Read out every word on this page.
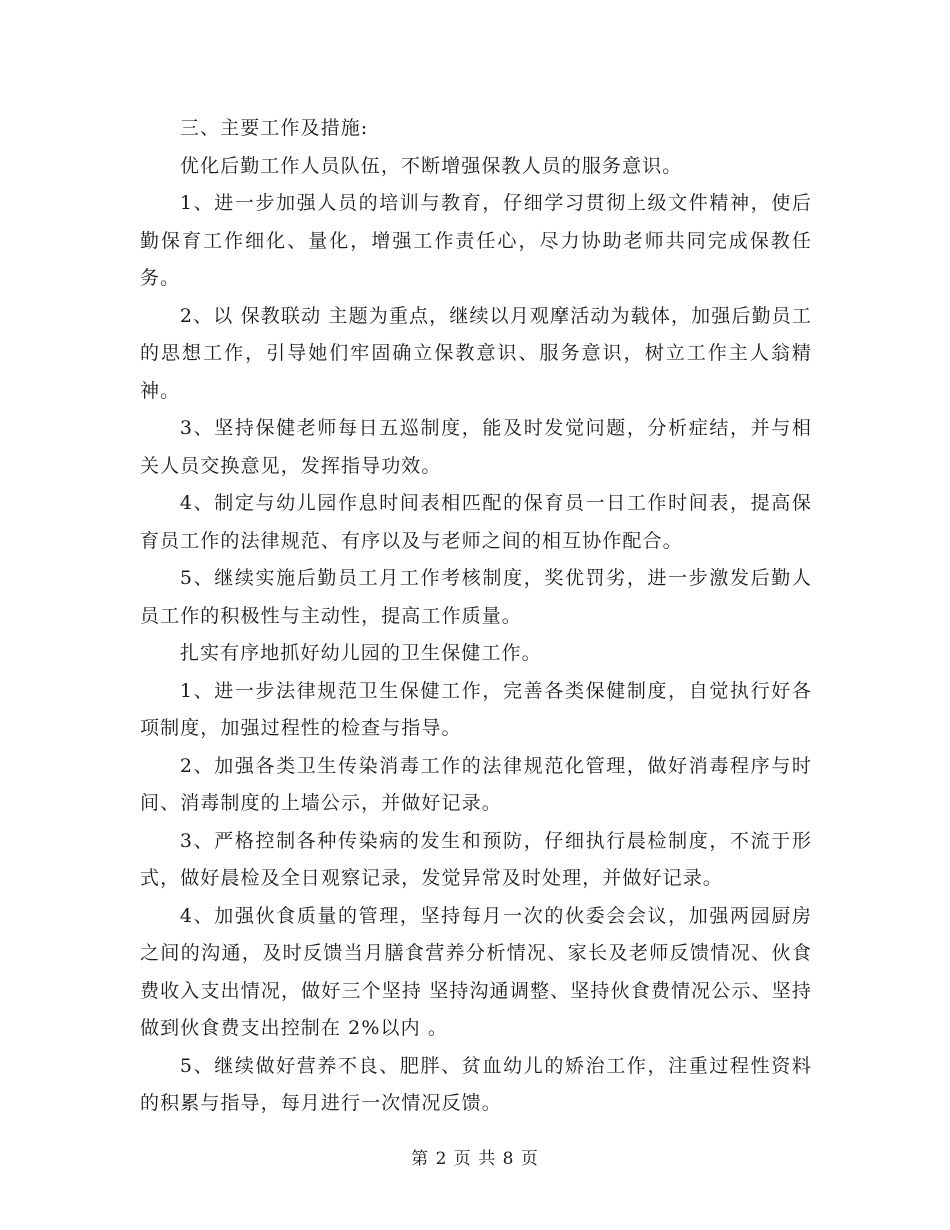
三、主要工作及措施:

优化后勤工作人员队伍，不断增强保教人员的服务意识。

1、进一步加强人员的培训与教育，仔细学习贯彻上级文件精神，使后勤保育工作细化、量化，增强工作责任心，尽力协助老师共同完成保教任务。

2、以 保教联动 主题为重点，继续以月观摩活动为载体，加强后勤员工的思想工作，引导她们牢固确立保教意识、服务意识，树立工作主人翁精神。

3、坚持保健老师每日五巡制度，能及时发觉问题，分析症结，并与相关人员交换意见，发挥指导功效。

4、制定与幼儿园作息时间表相匹配的保育员一日工作时间表，提高保育员工作的法律规范、有序以及与老师之间的相互协作配合。

5、继续实施后勤员工月工作考核制度，奖优罚劣，进一步激发后勤人员工作的积极性与主动性，提高工作质量。

扎实有序地抓好幼儿园的卫生保健工作。

1、进一步法律规范卫生保健工作，完善各类保健制度，自觉执行好各项制度，加强过程性的检查与指导。

2、加强各类卫生传染消毒工作的法律规范化管理，做好消毒程序与时间、消毒制度的上墙公示，并做好记录。

3、严格控制各种传染病的发生和预防，仔细执行晨检制度，不流于形式，做好晨检及全日观察记录，发觉异常及时处理，并做好记录。

4、加强伙食质量的管理，坚持每月一次的伙委会会议，加强两园厨房之间的沟通，及时反馈当月膳食营养分析情况、家长及老师反馈情况、伙食费收入支出情况，做好三个坚持 坚持沟通调整、坚持伙食费情况公示、坚持做到伙食费支出控制在 2%以内 。

5、继续做好营养不良、肥胖、贫血幼儿的矫治工作，注重过程性资料的积累与指导，每月进行一次情况反馈。

第 2 页 共 8 页
